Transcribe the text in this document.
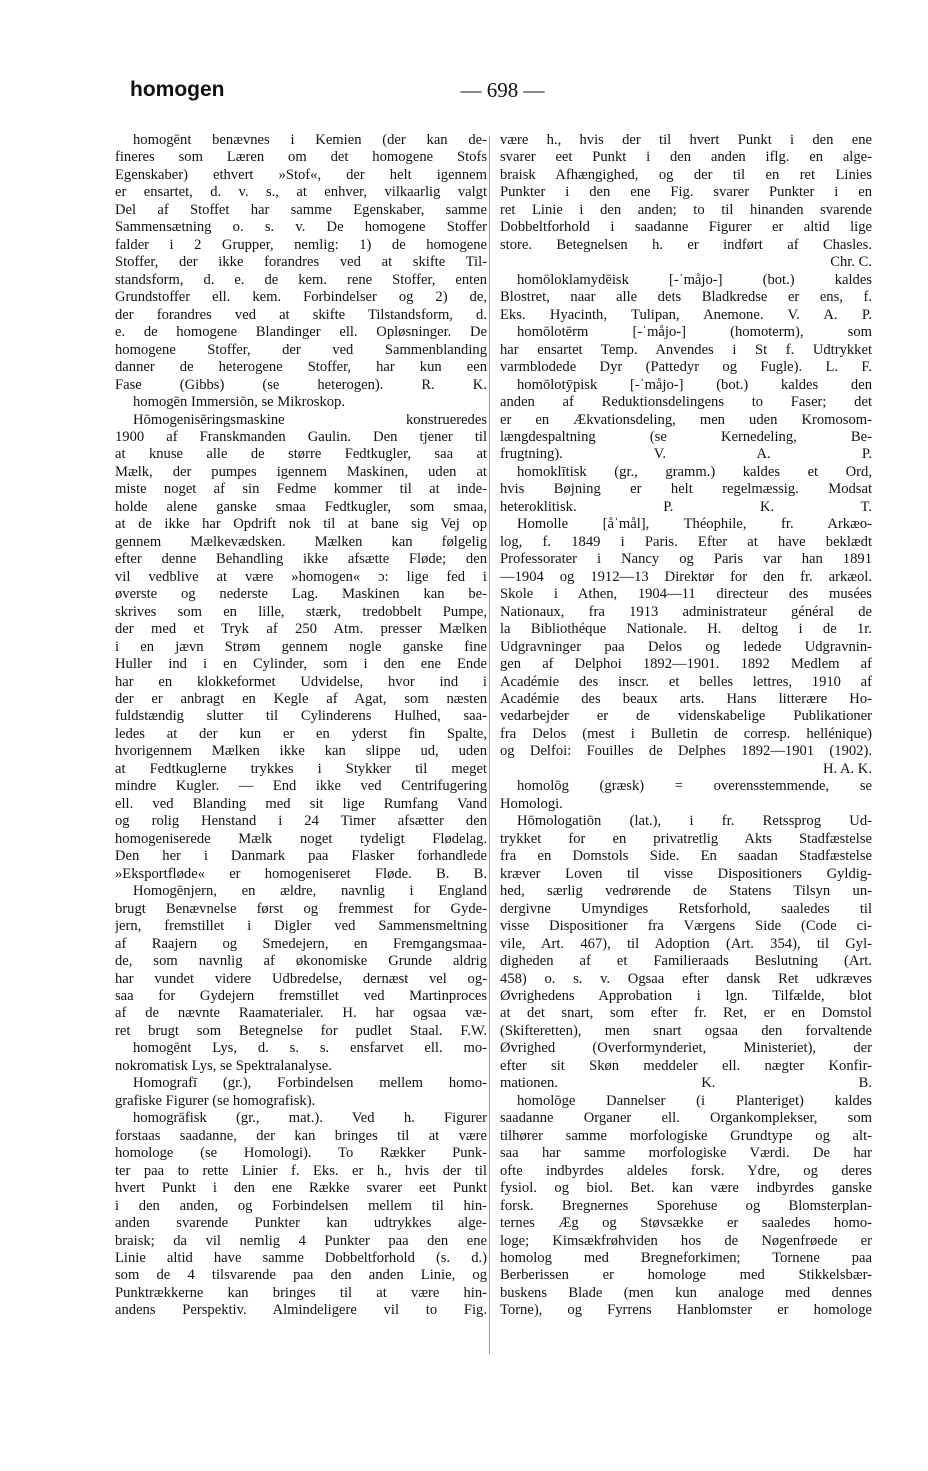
homogen	— 698 —
homogēnt benævnes i Kemien (der kan de-
fineres som Læren om det homogene Stofs
Egenskaber) ethvert »Stof«, der helt igennem
er ensartet, d. v. s., at enhver, vilkaarlig valgt
Del af Stoffet har samme Egenskaber, samme
Sammensætning o. s. v. De homogene Stoffer
falder i 2 Grupper, nemlig: 1) de homogene
Stoffer, der ikke forandres ved at skifte Til-
standsform, d. e. de kem. rene Stoffer, enten
Grundstoffer ell. kem. Forbindelser og 2) de,
der forandres ved at skifte Tilstandsform, d.
e. de homogene Blandinger ell. Opløsninger. De
homogene Stoffer, der ved Sammenblanding
danner de heterogene Stoffer, har kun een
Fase (Gibbs) (se heterogen). R. K.
homogēn Immersiōn, se Mikroskop.
Hōmogenisēringsmaskine konstrueredes
1900 af Franskmanden Gaulin. Den tjener til
at knuse alle de større Fedtkugler, saa at
Mælk, der pumpes igennem Maskinen, uden at
miste noget af sin Fedme kommer til at inde-
holde alene ganske smaa Fedtkugler, som smaa,
at de ikke har Opdrift nok til at bane sig Vej op
gennem Mælkevædsken. Mælken kan følgelig
efter denne Behandling ikke afsætte Fløde; den
vil vedblive at være »homogen« ɔ: lige fed i
øverste og nederste Lag. Maskinen kan be-
skrives som en lille, stærk, tredobbelt Pumpe,
der med et Tryk af 250 Atm. presser Mælken
i en jævn Strøm gennem nogle ganske fine
Huller ind i en Cylinder, som i den ene Ende
har en klokkeformet Udvidelse, hvor ind i
der er anbragt en Kegle af Agat, som næsten
fuldstændig slutter til Cylinderens Hulhed, saa-
ledes at der kun er en yderst fin Spalte,
hvorigennem Mælken ikke kan slippe ud, uden
at Fedtkuglerne trykkes i Stykker til meget
mindre Kugler. — End ikke ved Centrifugering
ell. ved Blanding med sit lige Rumfang Vand
og rolig Henstand i 24 Timer afsætter den
homogeniserede Mælk noget tydeligt Flødelag.
Den her i Danmark paa Flasker forhandlede
»Eksportfløde« er homogeniseret Fløde. B. B.
Homogēnjern, en ældre, navnlig i England
brugt Benævnelse først og fremmest for Gyde-
jern, fremstillet i Digler ved Sammensmeltning
af Raajern og Smedejern, en Fremgangsmaa-
de, som navnlig af økonomiske Grunde aldrig
har vundet videre Udbredelse, dernæst vel og-
saa for Gydejern fremstillet ved Martinproces
af de nævnte Raamaterialer. H. har ogsaa væ-
ret brugt som Betegnelse for pudlet Staal. F.W.
homogēnt Lys, d. s. s. ensfarvet ell. mo-
nokromatisk Lys, se Spektralanalyse.
Homografī (gr.), Forbindelsen mellem homo-
grafiske Figurer (se homografisk).
homogrāfisk (gr., mat.). Ved h. Figurer
forstaas saadanne, der kan bringes til at være
homologe (se Homologi). To Rækker Punk-
ter paa to rette Linier f. Eks. er h., hvis der til
hvert Punkt i den ene Række svarer eet Punkt
i den anden, og Forbindelsen mellem til hin-
anden svarende Punkter kan udtrykkes alge-
braisk; da vil nemlig 4 Punkter paa den ene
Linie altid have samme Dobbeltforhold (s. d.)
som de 4 tilsvarende paa den anden Linie, og
Punktrækkerne kan bringes til at være hin-
andens Perspektiv. Almindeligere vil to Fig.
være h., hvis der til hvert Punkt i den ene
svarer eet Punkt i den anden iflg. en alge-
braisk Afhængighed, og der til en ret Linies
Punkter i den ene Fig. svarer Punkter i en
ret Linie i den anden; to til hinanden svarende
Dobbeltforhold i saadanne Figurer er altid lige
store. Betegnelsen h. er indført af Chasles.
Chr. C.
homōloklamydēisk [-ˈmåjo-] (bot.) kaldes
Blostret, naar alle dets Bladkredse er ens, f.
Eks. Hyacinth, Tulipan, Anemone. V. A. P.
homōlotērm [-ˈmåjo-] (homoterm), som
har ensartet Temp. Anvendes i St f. Udtrykket
varmblodede Dyr (Pattedyr og Fugle). L. F.
homōlotȳpisk [-ˈmåjo-] (bot.) kaldes den
anden af Reduktionsdelingens to Faser; det
er en Ækvationsdeling, men uden Kromosom-
længdespaltning (se Kernedeling, Be-
frugtning). V. A. P.
homoklītisk (gr., gramm.) kaldes et Ord,
hvis Bøjning er helt regelmæssig. Modsat
heteroklitisk. P. K. T.
Homolle [åˈmål], Théophile, fr. Arkæo-
log, f. 1849 i Paris. Efter at have beklædt
Professorater i Nancy og Paris var han 1891
—1904 og 1912—13 Direktør for den fr. arkæol.
Skole i Athen, 1904—11 directeur des musées
Nationaux, fra 1913 administrateur général de
la Bibliothéque Nationale. H. deltog i de 1r.
Udgravninger paa Delos og ledede Udgravnin-
gen af Delphoi 1892—1901. 1892 Medlem af
Académie des inscr. et belles lettres, 1910 af
Académie des beaux arts. Hans litterære Ho-
vedarbejder er de videnskabelige Publikationer
fra Delos (mest i Bulletin de corresp. hellénique)
og Delfoi: Fouilles de Delphes 1892—1901 (1902).
H. A. K.
homolōg (græsk) = overensstemmende, se
Homologi.
Hōmologatiōn (lat.), i fr. Retssprog Ud-
trykket for en privatretlig Akts Stadfæstelse
fra en Domstols Side. En saadan Stadfæstelse
kræver Loven til visse Dispositioners Gyldig-
hed, særlig vedrørende de Statens Tilsyn un-
dergivne Umyndiges Retsforhold, saaledes til
visse Dispositioner fra Værgens Side (Code ci-
vile, Art. 467), til Adoption (Art. 354), til Gyl-
digheden af et Familieraads Beslutning (Art.
458) o. s. v. Ogsaa efter dansk Ret udkræves
Øvrighedens Approbation i lgn. Tilfælde, blot
at det snart, som efter fr. Ret, er en Domstol
(Skifteretten), men snart ogsaa den forvaltende
Øvrighed (Overformynderiet, Ministeriet), der
efter sit Skøn meddeler ell. nægter Konfir-
mationen. K. B.
homolōge Dannelser (i Planteriget) kaldes
saadanne Organer ell. Organkomplekser, som
tilhører samme morfologiske Grundtype og alt-
saa har samme morfologiske Værdi. De har
ofte indbyrdes aldeles forsk. Ydre, og deres
fysiol. og biol. Bet. kan være indbyrdes ganske
forsk. Bregnernes Sporehuse og Blomsterplan-
ternes Æg og Støvsække er saaledes homo-
loge; Kimsækfrøhviden hos de Nøgenfrøede er
homolog med Bregneforkimen; Tornene paa
Berberissen er homologe med Stikkelsbær-
buskens Blade (men kun analoge med dennes
Torne), og Fyrrens Hanblomster er homologe
